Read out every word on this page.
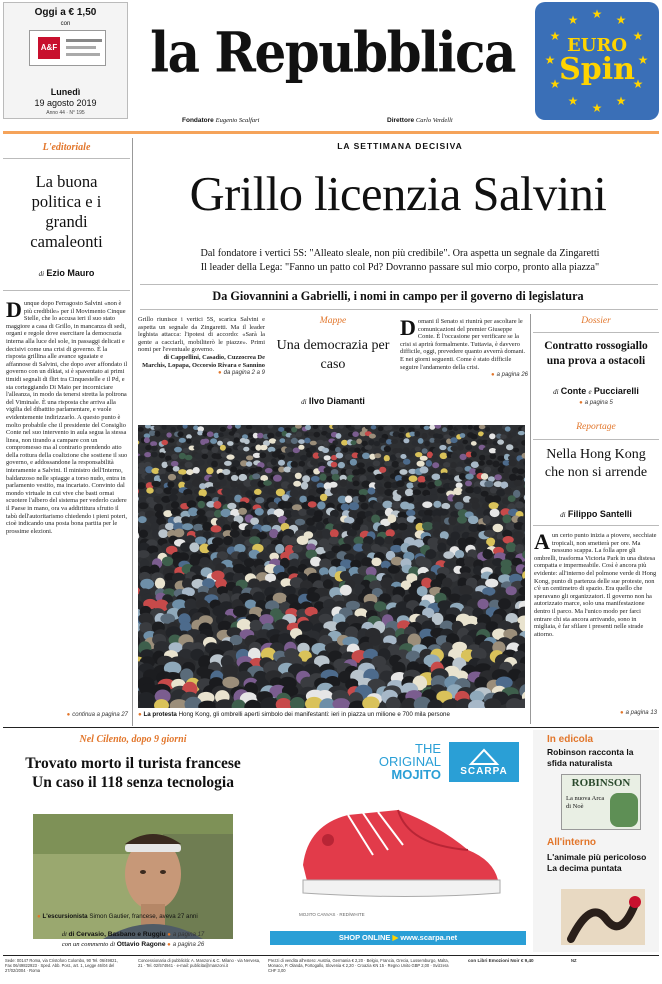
Oggi a € 1,50
con
A&F
Lunedì
19 agosto 2019
Anno 44 · N° 195
la Repubblica
Fondatore Eugenio Scalfari	Direttore Carlo Verdelli
★ ★
★
★
★
★
★
★
★
★
★
★
EURO
Spin
L'editoriale
La buona politica e i grandi camaleonti
di Ezio Mauro
D unque dopo Ferragosto Salvini «non è più credibile» per il Movimento Cinque Stelle, che lo accusa ieri il suo stato maggiore a casa di Grillo, in mancanza di sedi, organi e regole dove esercitare la democrazia interna alla luce del sole, in passaggi delicati e decisivi come una crisi di governo. È la risposta grillina alle avance sguaiate e affannose di Salvini, che dopo aver affondato il governo con un diktat, si è spaventato ai primi timidi segnali di flirt tra Cinquestelle e il Pd, e sta corteggiando Di Maio per incorniciare l'alleanza, in modo da tenersi stretta la poltrona del Viminale. È una risposta che arriva alla vigilia del dibattito parlamentare, e vuole evidentemente indirizzarlo. A questo punto è molto probabile che il presidente del Consiglio Conte nel suo intervento in aula segua la stessa linea, non tirando a campare con un compromesso ma al contrario prendendo atto della rottura della coalizione che sostiene il suo governo, e addossandone la responsabilità interamente a Salvini. Il ministro dell'Interno, baldanzoso nelle spiagge a torso nudo, entra in parlamento vestito, ma incartato. Convinto dal mondo virtuale in cui vive che basti ormai scuotere l'albero del sistema per vederlo cadere il Paese in mano, ora va addirittura sfrutto il tabù dell'autoritarismo chiedendo i pieni poteri, cioè indicando una posta bona partita per le prossime elezioni.

● continua a pagina 27
LA SETTIMANA DECISIVA
Grillo licenzia Salvini
Dal fondatore i vertici 5S: "Alleato sleale, non più credibile". Ora aspetta un segnale da Zingaretti
Il leader della Lega: "Fanno un patto col Pd? Dovranno passare sul mio corpo, pronto alla piazza"
Da Giovannini a Gabrielli, i nomi in campo per il governo di legislatura

Grillo riunisce i vertici 5S, scarica Salvini e aspetta un segnale da Zingaretti. Ma il leader leghista attacca: l'ipotesi di accordo: «Sarà la gente a cacciarli, mobiliterò le piazze». Primi nomi per l'eventuale governo.

di Cappellini, Casadio, Cuzzocrea De Marchis, Lopapa, Occorsio Rivara e Sannino

● da pagina 2 a 9
Mappe
Una democrazia per caso
di Ilvo Diamanti
D omani il Senato si riunirà per ascoltare le comunicazioni del premier Giuseppe Conte. È l'occasione per verificare se la crisi si aprirà formalmente. Tuttavia, è davvero difficile, oggi, prevedere quanto avverrà domani. E nei giorni seguenti. Come è stato difficile seguire l'andamento della crisi.

● a pagina 26
Dossier
Contratto rossogiallo una prova a ostacoli
di Conte e Pucciarelli
● a pagina 5
Reportage
Nella Hong Kong che non si arrende
di Filippo Santelli
A un certo punto inizia a piovere, secchiate tropicali, non smetterà per ore. Ma nessuno scappa. La folla apre gli ombrelli, trasforma Victoria Park in una distesa compatta e impermeabile. Così è ancora più evidente: all'interno del polmone verde di Hong Kong, punto di partenza delle sue proteste, non c'è un centimetro di spazio. Era quello che speravano gli organizzatori. Il governo non ha autorizzato marce, solo una manifestazione dentro il parco. Ma l'unico modo per farci entrare chi sta ancora arrivando, sono in migliaia, è far sfilare i presenti nelle strade attorno.

● a pagina 13
● La protesta Hong Kong, gli ombrelli aperti simbolo dei manifestanti: ieri in piazza un milione e 700 mila persone
Nel Cilento, dopo 9 giorni
Trovato morto il turista francese
Un caso il 118 senza tecnologia
● L'escursionista Simon Gautier, francese, aveva 27 anni
di di Cervasio, Basbano e Ruggiu ● a pagina 17
con un commento di Ottavio Ragone ● a pagina 26
THE
ORIGINAL
MOJITO	SCARPA
MOJITO CANVAS · RED/WHITE
SHOP ONLINE ▶ www.scarpa.net
In edicola
Robinson racconta la sfida naturalista
ROBINSON
La nuova Arca di Noè
All'interno
L'animale più pericoloso La decima puntata
Sede: 00147 Roma, via Cristoforo Colombo, 90 Tel. 06/49821, Fax 06/49822923 · Sped. Abb. Post., art. 1, Legge 46/04 del 27/02/2004 · Roma
Concessionaria di pubblicità: A. Manzoni & C. Milano · via Nervesa, 21 · Tel. 02/574941 · e-mail: publicita@manzoni.it
Prezzi di vendita all'estero: Austria, Germania € 2,20 · Belgio, Francia, Grecia, Lussemburgo, Malta, Monaco, P. Olanda, Portogallo, Slovenia € 2,20 · Croazia KN 15 · Regno Unito GBP 2,00 · Svizzera CHF 3,00
con Libri Emozioni Noir € 9,40	NZ
